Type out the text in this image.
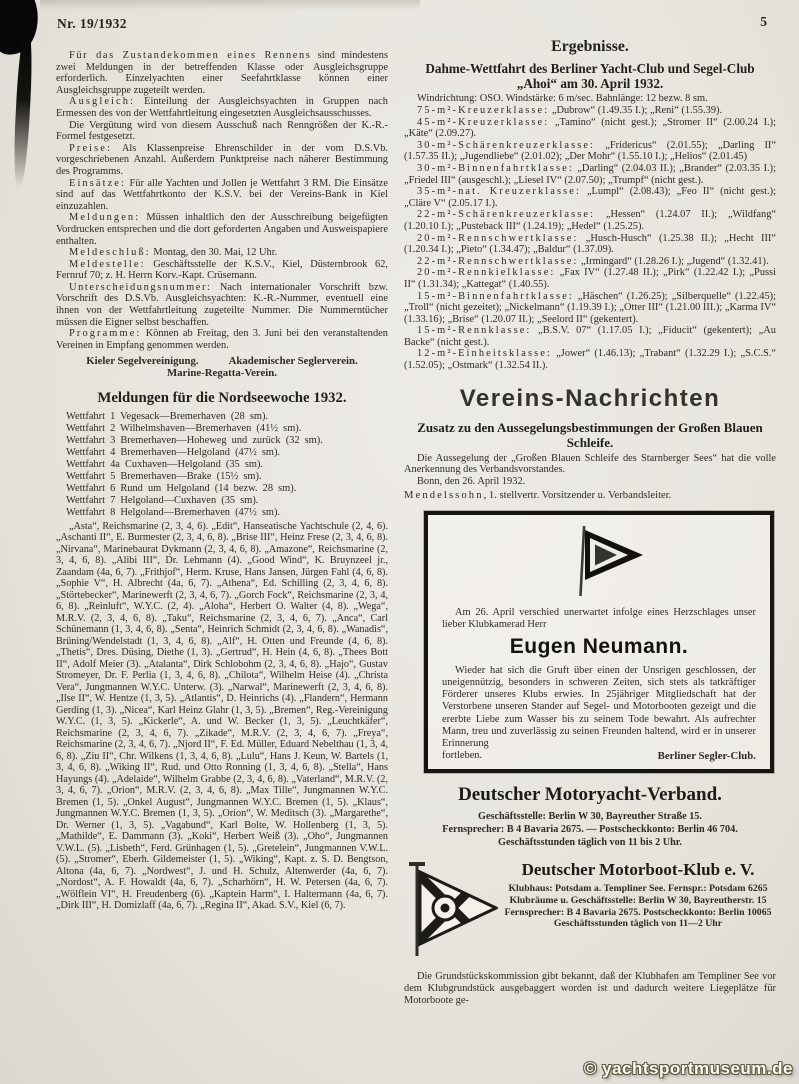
Nr. 19/1932	5

Für das Zustandekommen eines Rennens sind mindestens zwei Meldungen in der betreffenden Klasse oder Ausgleichsgruppe erforderlich. Einzelyachten einer Seefahrtklasse können einer Ausgleichsgruppe zugeteilt werden.

Ausgleich: Einteilung der Ausgleichsyachten in Gruppen nach Ermessen des von der Wettfahrtleitung eingesetzten Ausgleichsausschusses.

Die Vergütung wird von diesem Ausschuß nach Renngrößen der K.-R.-Formel festgesetzt.

Preise: Als Klassenpreise Ehrenschilder in der vom D.S.Vb. vorgeschriebenen Anzahl. Außerdem Punktpreise nach näherer Bestimmung des Programms.

Einsätze: Für alle Yachten und Jollen je Wettfahrt 3 RM. Die Einsätze sind auf das Wettfahrtkonto der K.S.V. bei der Vereins-Bank in Kiel einzuzahlen.

Meldungen: Müssen inhaltlich den der Ausschreibung beigefügten Vordrucken entsprechen und die dort geforderten Angaben und Ausweispapiere enthalten.

Meldeschluß: Montag, den 30. Mai, 12 Uhr.

Meldestelle: Geschäftsstelle der K.S.V., Kiel, Düsternbrook 62, Fernruf 70; z. H. Herrn Korv.-Kapt. Crüsemann.

Unterscheidungsnummer: Nach internationaler Vorschrift bzw. Vorschrift des D.S.Vb. Ausgleichsyachten: K.-R.-Nummer, eventuell eine ihnen von der Wettfahrtleitung zugeteilte Nummer. Die Nummerntücher müssen die Eigner selbst beschaffen.

Programme: Können ab Freitag, den 3. Juni bei den veranstaltenden Vereinen in Empfang genommen werden.

Kieler Segelvereinigung.	Akademischer Seglerverein.
Marine-Regatta-Verein.
Meldungen für die Nordseewoche 1932.
Wettfahrt 1 Vegesack—Bremerhaven (28 sm).
Wettfahrt 2 Wilhelmshaven—Bremerhaven (41½ sm).
Wettfahrt 3 Bremerhaven—Hoheweg und zurück (32 sm).
Wettfahrt 4 Bremerhaven—Helgoland (47½ sm).
Wettfahrt 4a Cuxhaven—Helgoland (35 sm).
Wettfahrt 5 Bremerhaven—Brake (15½ sm).
Wettfahrt 6 Rund um Helgoland (14 bezw. 28 sm).
Wettfahrt 7 Helgoland—Cuxhaven (35 sm).
Wettfahrt 8 Helgoland—Bremerhaven (47½ sm).

„Asta“, Reichsmarine (2, 3, 4, 6). „Edit“, Hanseatische Yachtschule (2, 4, 6). „Aschanti II“, E. Burmester (2, 3, 4, 6, 8). „Brise III“, Heinz Frese (2, 3, 4, 6, 8). „Nirvana“, Marinebaurat Dykmann (2, 3, 4, 6, 8). „Amazone“, Reichsmarine (2, 3, 4, 6, 8). „Alibi III“, Dr. Lehmann (4). „Good Wind“, K. Bruynzeel jr., Zaandam (4a, 6, 7). „Frithjof“, Herm. Kruse, Hans Jansen, Jürgen Fahl (4, 6, 8). „Sophie V“, H. Albrecht (4a, 6, 7). „Athena“, Ed. Schilling (2, 3, 4, 6, 8). „Störtebecker“, Marinewerft (2, 3, 4, 6, 7). „Gorch Fock“, Reichsmarine (2, 3, 4, 6, 8). „Reinluft“, W.Y.C. (2, 4). „Aloha“, Herbert O. Walter (4, 8). „Wega“, M.R.V. (2, 3, 4, 6, 8). „Taku“, Reichsmarine (2, 3, 4, 6, 7). „Anca“, Carl Schünemann (1, 3, 4, 6, 8). „Senta“, Heinrich Schmidt (2, 3, 4, 6, 8). „Wanadis“, Brüning/Wendelstadt (1, 3, 4, 6, 8). „Alf“, H. Otten und Freunde (4, 6, 8). „Thetis“, Dres. Düsing, Diethe (1, 3). „Gertrud“, H. Hein (4, 6, 8). „Thees Bott II“, Adolf Meier (3). „Atalanta“, Dirk Schlobohm (2, 3, 4, 6, 8). „Hajo“, Gustav Stromeyer, Dr. F. Perlia (1, 3, 4, 6, 8). „Chilota“, Wilhelm Heise (4). „Christa Vera“, Jungmannen W.Y.C. Unterw. (3). „Narwal“, Marinewerft (2, 3, 4, 6, 8). „Ilse II“, W. Hentze (1, 3, 5). „Atlantis“, D. Heinrichs (4). „Flandern“, Hermann Gerding (1, 3). „Nicea“, Karl Heinz Glahr (1, 3, 5). „Bremen“, Reg.-Vereinigung W.Y.C. (1, 3, 5). „Kickerle“, A. und W. Becker (1, 3, 5). „Leuchtkäfer“, Reichsmarine (2, 3, 4, 6, 7). „Zikade“, M.R.V. (2, 3, 4, 6, 7). „Freya“, Reichsmarine (2, 3, 4, 6, 7). „Njord II“, F. Ed. Müller, Eduard Nebelthau (1, 3, 4, 6, 8). „Ziu II“, Chr. Wilkens (1, 3, 4, 6, 8). „Lulu“, Hans J. Keun, W. Bartels (1, 3, 4, 6, 8). „Wiking II“, Rud. und Otto Ronning (1, 3, 4, 6, 8). „Stella“, Hans Hayungs (4). „Adelaide“, Wilhelm Grabbe (2, 3, 4, 6, 8). „Vaterland“, M.R.V. (2, 3, 4, 6, 7). „Orion“, M.R.V. (2, 3, 4, 6, 8). „Max Tille“, Jungmannen W.Y.C. Bremen (1, 5). „Onkel August“, Jungmannen W.Y.C. Bremen (1, 5). „Klaus“, Jungmannen W.Y.C. Bremen (1, 3, 5). „Orion“, W. Meditsch (3). „Margarethe“, Dr. Werner (1, 3, 5). „Vagabund“, Karl Bolte, W. Hollenberg (1, 3, 5). „Mathilde“, E. Dammann (3). „Koki“, Herbert Weiß (3). „Oho“, Jungmannen V.W.L. (5). „Lisbeth“, Ferd. Grünhagen (1, 5). „Gretelein“, Jungmannen V.W.L. (5). „Stromer“, Eberh. Gildemeister (1, 5). „Wiking“, Kapt. z. S. D. Bengtson, Altona (4a, 6, 7). „Nordwest“, J. und H. Schulz, Altenwerder (4a, 6, 7). „Nordost“, A. F. Howaldt (4a, 6, 7). „Scharhörn“, H. W. Petersen (4a, 6, 7). „Wölflein VI“, H. Freudenberg (6). „Kaptein Harm“, I. Haltermann (4a, 6, 7). „Dirk III“, H. Domizlaff (4a, 6, 7). „Regina II“, Akad. S.V., Kiel (6, 7).

Ergebnisse.
Dahme-Wettfahrt des Berliner Yacht-Club und Segel-Club „Ahoi“ am 30. April 1932.

Windrichtung: OSO. Windstärke: 6 m/sec. Bahnlänge: 12 bezw. 8 sm.

75-m²-Kreuzerklasse: „Dubrow“ (1.49.35 I.); „Reni“ (1.55.39).

45-m²-Kreuzerklasse: „Tamino“ (nicht gest.); „Stromer II“ (2.00.24 I.); „Käte“ (2.09.27).

30-m²-Schärenkreuzerklasse: „Fridericus“ (2.01.55); „Darling II“ (1.57.35 II.); „Jugendliebe“ (2.01.02); „Der Mohr“ (1.55.10 I.); „Helios“ (2.01.45)

30-m²-Binnenfahrtklasse: „Darling“ (2.04.03 II.); „Brander“ (2.03.35 I.); „Friedel III“ (ausgeschl.); „Liesel IV“ (2.07.50); „Trumpf“ (nicht gest.).

35-m²-nat. Kreuzerklasse: „Lumpl“ (2.08.43); „Feo II“ (nicht gest.); „Cläre V“ (2.05.17 I.).

22-m²-Schärenkreuzerklasse: „Hessen“ (1.24.07 II.); „Wildfang“ (1.20.10 I.); „Pusteback III“ (1.24.19); „Hedel“ (1.25.25).

20-m²-Rennschwertklasse: „Husch-Husch“ (1.25.38 II.); „Hecht III“ (1.20.34 I.); „Pieto“ (1.34.47); „Baldur“ (1.37.09).

22-m²-Rennschwertklasse: „Irmingard“ (1.28.26 I.); „Jugend“ (1.32.41).

20-m²-Rennkielklasse: „Fax IV“ (1.27.48 II.); „Pirk“ (1.22.42 I.); „Pussi II“ (1.31.34); „Kattegat“ (1.40.55).

15-m²-Binnenfahrtklasse: „Häschen“ (1.26.25); „Silberquelle“ (1.22.45); „Troll“ (nicht gezeitet); „Nickelmann“ (1.19.39 I.); „Otter III“ (1.21.00 III.); „Karma IV“ (1.33.16); „Brise“ (1.20.07 II.); „Seelord II“ (gekentert).

15-m²-Rennklasse: „B.S.V. 07“ (1.17.05 I.); „Fiducit“ (gekentert); „Au Backe“ (nicht gest.).

12-m²-Einheitsklasse: „Jower“ (1.46.13); „Trabant“ (1.32.29 I.); „S.C.S.“ (1.52.05); „Ostmark“ (1.32.54 II.).

Vereins-Nachrichten
Zusatz zu den Aussegelungsbestimmungen der Großen Blauen Schleife.

Die Aussegelung der „Großen Blauen Schleife des Starnberger Sees“ hat die volle Anerkennung des Verbandsvorstandes.

Bonn, den 26. April 1932.

Mendelssohn, 1. stellvertr. Vorsitzender u. Verbandsleiter.

Am 26. April verschied unerwartet infolge eines Herzschlages unser lieber Klubkamerad Herr

Eugen Neumann.

Wieder hat sich die Gruft über einen der Unsrigen geschlossen, der uneigennützig, besonders in schweren Zeiten, sich stets als tatkräftiger Förderer unseres Klubs erwies. In 25jähriger Mitgliedschaft hat der Verstorbene unseren Stander auf Segel- und Motorbooten gezeigt und die ererbte Liebe zum Wasser bis zu seinem Tode bewahrt. Als aufrechter Mann, treu und zuverlässig zu seinen Freunden haltend, wird er in unserer Erinnerung

fortleben.	Berliner Segler-Club.
Deutscher Motoryacht-Verband.
Geschäftsstelle: Berlin W 30, Bayreuther Straße 15.
Fernsprecher: B 4 Bavaria 2675. — Postscheckkonto: Berlin 46 704.
Geschäftsstunden täglich von 11 bis 2 Uhr.
Deutscher Motorboot-Klub e. V.
Klubhaus: Potsdam a. Templiner See. Fernspr.: Potsdam 6265
Klubräume u. Geschäftsstelle: Berlin W 30, Bayreutherstr. 15
Fernsprecher: B 4 Bavaria 2675. Postscheckkonto: Berlin 10065
Geschäftsstunden täglich von 11—2 Uhr

Die Grundstückskommission gibt bekannt, daß der Klubhafen am Templiner See vor dem Klubgrundstück ausgebaggert worden ist und dadurch weitere Liegeplätze für Motorboote ge-

© yachtsportmuseum.de
